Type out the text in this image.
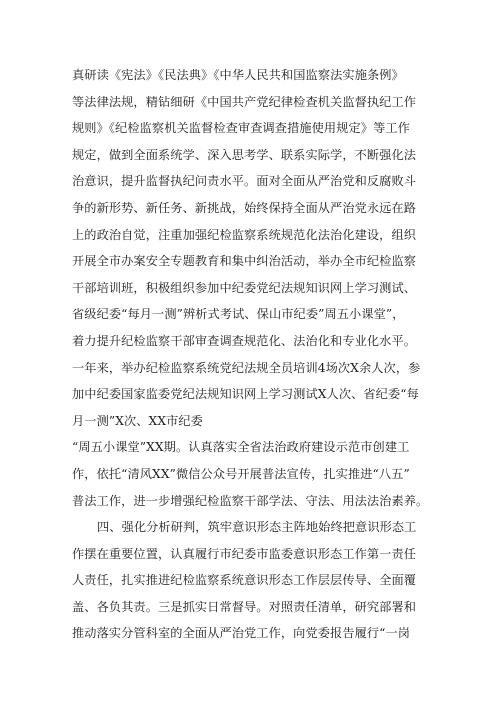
真研读《宪法》《民法典》《中华人民共和国监察法实施条例》
等法律法规，精钻细研《中国共产党纪律检查机关监督执纪工作
规则》《纪检监察机关监督检查审查调查措施使用规定》等工作
规定，做到全面系统学、深入思考学、联系实际学，不断强化法
治意识，提升监督执纪问责水平。面对全面从严治党和反腐败斗
争的新形势、新任务、新挑战，始终保持全面从严治党永远在路
上的政治自觉，注重加强纪检监察系统规范化法治化建设，组织
开展全市办案安全专题教育和集中纠治活动，举办全市纪检监察
干部培训班，积极组织参加中纪委党纪法规知识网上学习测试、
省级纪委“每月一测”辨析式考试、保山市纪委”周五小课堂”，
着力提升纪检监察干部审查调查规范化、法治化和专业化水平。
一年来，举办纪检监察系统党纪法规全员培训4场次X余人次，参
加中纪委国家监委党纪法规知识网上学习测试X人次、省纪委“每
月一测”X次、XX市纪委
“周五小课堂”XX期。认真落实全省法治政府建设示范市创建工
作，依托“清风XX”微信公众号开展普法宣传，扎实推进“八五”
普法工作，进一步增强纪检监察干部学法、守法、用法法治素养。
四、强化分析研判，筑牢意识形态主阵地始终把意识形态工
作摆在重要位置，认真履行市纪委市监委意识形态工作第一责任
人责任，扎实推进纪检监察系统意识形态工作层层传导、全面覆
盖、各负其责。三是抓实日常督导。对照责任清单，研究部署和
推动落实分管科室的全面从严治党工作，向党委报告履行“一岗
